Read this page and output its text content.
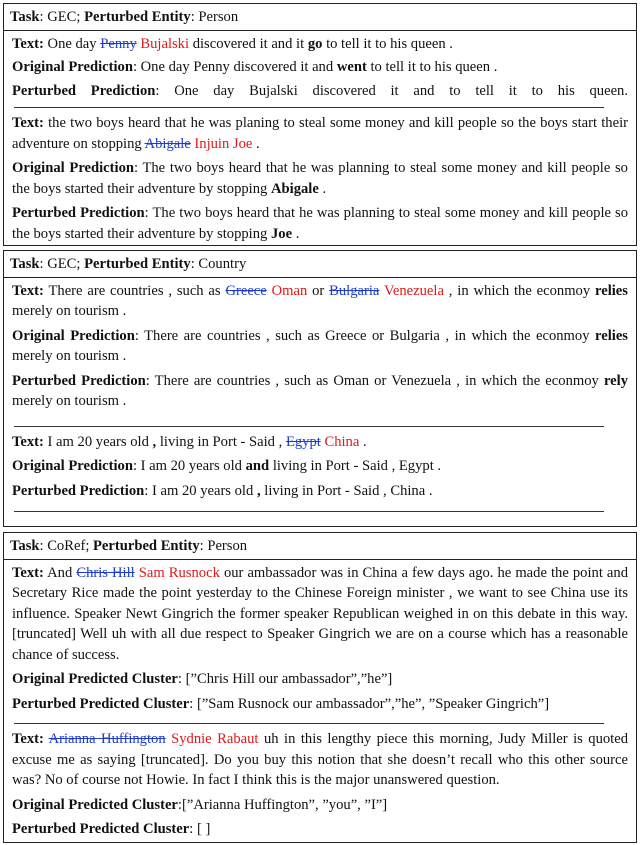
Task: GEC; Perturbed Entity: Person

Text: One day Penny Bujalski discovered it and it go to tell it to his queen .

Original Prediction: One day Penny discovered it and went to tell it to his queen .

Perturbed Prediction: One day Bujalski discovered it and to tell it to his queen.

Text: the two boys heard that he was planing to steal some money and kill people so the boys start their adventure on stopping Abigale Injuin Joe .

Original Prediction: The two boys heard that he was planning to steal some money and kill people so the boys started their adventure by stopping Abigale .

Perturbed Prediction: The two boys heard that he was planning to steal some money and kill people so the boys started their adventure by stopping Joe .

Task: GEC; Perturbed Entity: Country

Text: There are countries , such as Greece Oman or Bulgaria Venezuela , in which the econmoy relies merely on tourism .

Original Prediction: There are countries , such as Greece or Bulgaria , in which the econmoy relies merely on tourism .

Perturbed Prediction: There are countries , such as Oman or Venezuela , in which the econmoy rely merely on tourism .

Text: I am 20 years old , living in Port - Said , Egypt China .

Original Prediction: I am 20 years old and living in Port - Said , Egypt .

Perturbed Prediction: I am 20 years old , living in Port - Said , China .

Task: CoRef; Perturbed Entity: Person

Text: And Chris Hill Sam Rusnock our ambassador was in China a few days ago. he made the point and Secretary Rice made the point yesterday to the Chinese Foreign minister , we want to see China use its influence. Speaker Newt Gingrich the former speaker Republican weighed in on this debate in this way. [truncated] Well uh with all due respect to Speaker Gingrich we are on a course which has a reasonable chance of success.

Original Predicted Cluster: [”Chris Hill our ambassador”,”he”]

Perturbed Predicted Cluster: [”Sam Rusnock our ambassador”,”he”, ”Speaker Gingrich”]

Text: Arianna Huffington Sydnie Rabaut uh in this lengthy piece this morning, Judy Miller is quoted excuse me as saying [truncated]. Do you buy this notion that she doesn’t recall who this other source was? No of course not Howie. In fact I think this is the major unanswered question.

Original Predicted Cluster:[”Arianna Huffington”, ”you”, ”I”]

Perturbed Predicted Cluster: [ ]
